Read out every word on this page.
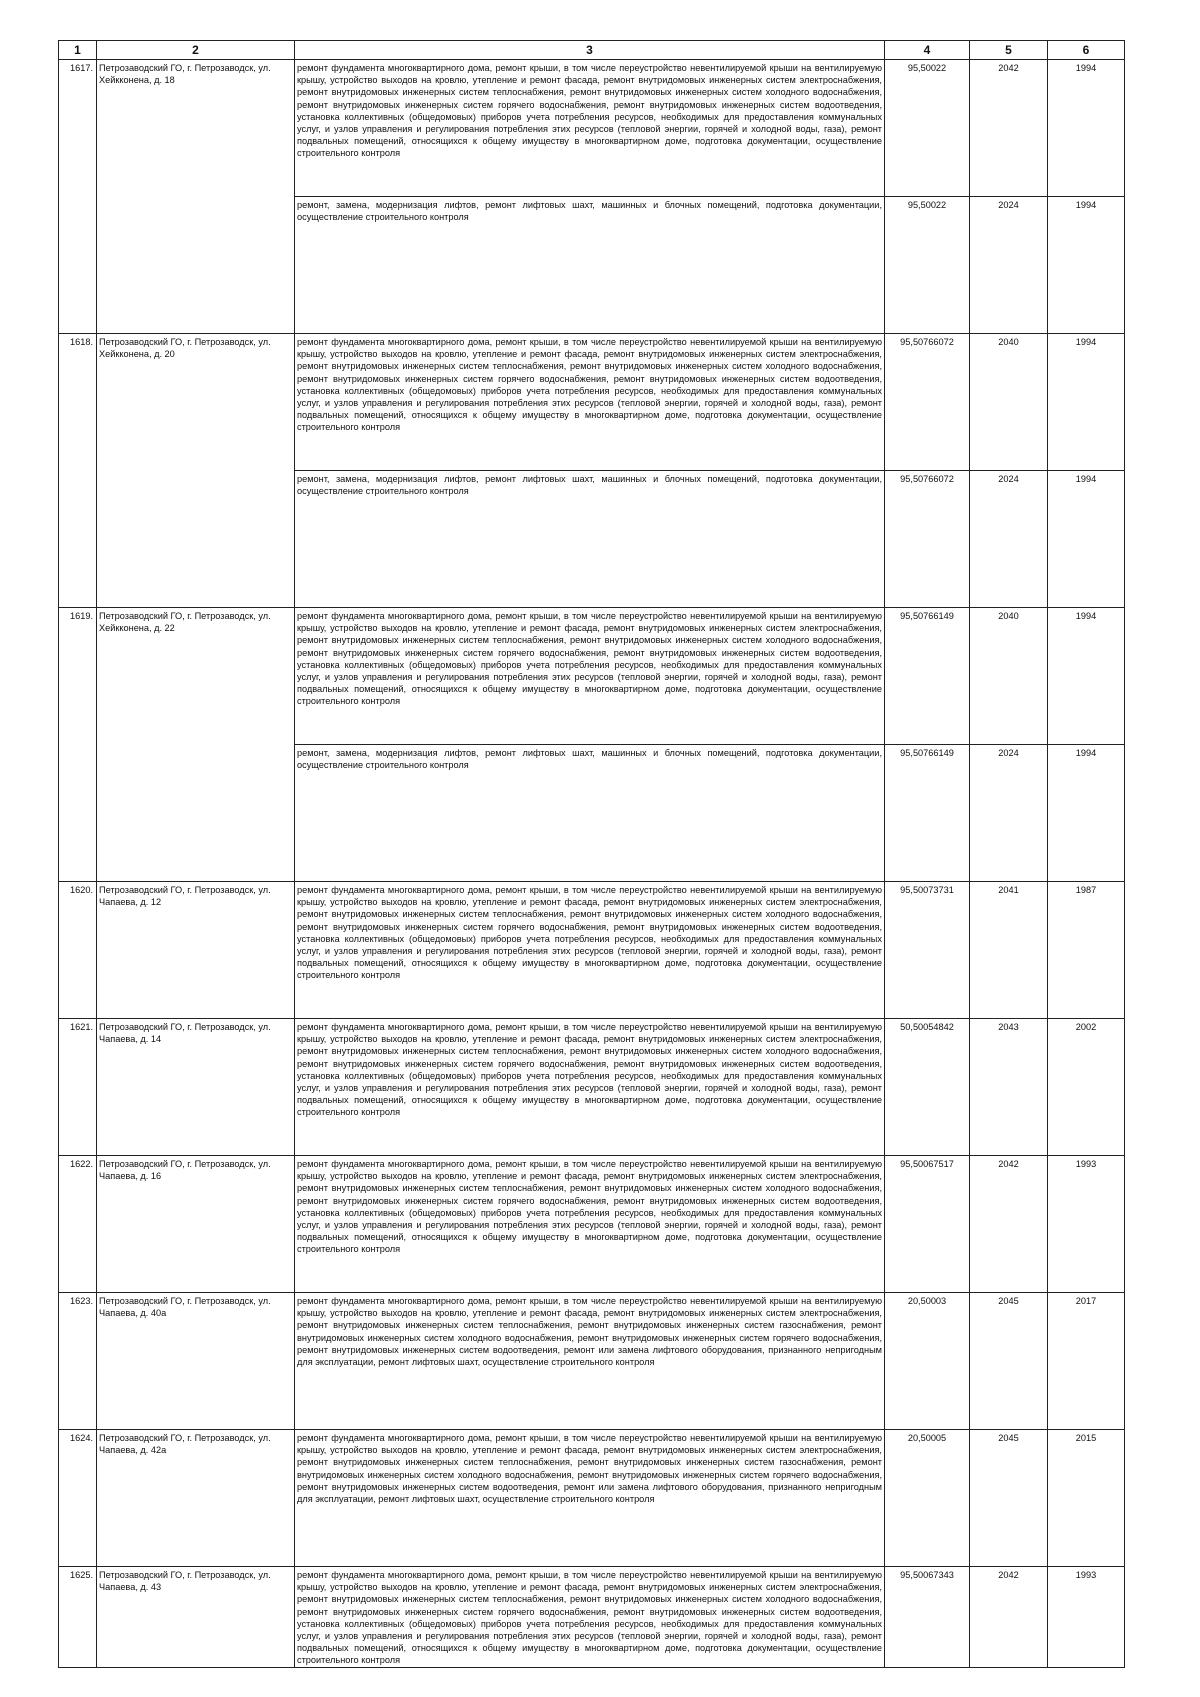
1	2	3	4	5	6
1617.	Петрозаводский ГО, г. Петрозаводск, ул. Хейкконена, д. 18	ремонт фундамента многоквартирного дома, ремонт крыши, в том числе переустройство невентилируемой крыши на вентилируемую крышу, устройство выходов на кровлю, утепление и ремонт фасада, ремонт внутридомовых инженерных систем электроснабжения, ремонт внутридомовых инженерных систем теплоснабжения, ремонт внутридомовых инженерных систем холодного водоснабжения, ремонт внутридомовых инженерных систем горячего водоснабжения, ремонт внутридомовых инженерных систем водоотведения, установка коллективных (общедомовых) приборов учета потребления ресурсов, необходимых для предоставления коммунальных услуг, и узлов управления и регулирования потребления этих ресурсов (тепловой энергии, горячей и холодной воды, газа), ремонт подвальных помещений, относящихся к общему имуществу в многоквартирном доме, подготовка документации, осуществление строительного контроля	95,50022	2042	1994
		ремонт, замена, модернизация лифтов, ремонт лифтовых шахт, машинных и блочных помещений, подготовка документации, осуществление строительного контроля	95,50022	2024	1994
1618.	Петрозаводский ГО, г. Петрозаводск, ул. Хейкконена, д. 20	ремонт фундамента многоквартирного дома, ремонт крыши, в том числе переустройство невентилируемой крыши на вентилируемую крышу, устройство выходов на кровлю, утепление и ремонт фасада, ремонт внутридомовых инженерных систем электроснабжения, ремонт внутридомовых инженерных систем теплоснабжения, ремонт внутридомовых инженерных систем холодного водоснабжения, ремонт внутридомовых инженерных систем горячего водоснабжения, ремонт внутридомовых инженерных систем водоотведения, установка коллективных (общедомовых) приборов учета потребления ресурсов, необходимых для предоставления коммунальных услуг, и узлов управления и регулирования потребления этих ресурсов (тепловой энергии, горячей и холодной воды, газа), ремонт подвальных помещений, относящихся к общему имуществу в многоквартирном доме, подготовка документации, осуществление строительного контроля	95,50766072	2040	1994
		ремонт, замена, модернизация лифтов, ремонт лифтовых шахт, машинных и блочных помещений, подготовка документации, осуществление строительного контроля	95,50766072	2024	1994
1619.	Петрозаводский ГО, г. Петрозаводск, ул. Хейкконена, д. 22	ремонт фундамента многоквартирного дома, ремонт крыши, в том числе переустройство невентилируемой крыши на вентилируемую крышу, устройство выходов на кровлю, утепление и ремонт фасада, ремонт внутридомовых инженерных систем электроснабжения, ремонт внутридомовых инженерных систем теплоснабжения, ремонт внутридомовых инженерных систем холодного водоснабжения, ремонт внутридомовых инженерных систем горячего водоснабжения, ремонт внутридомовых инженерных систем водоотведения, установка коллективных (общедомовых) приборов учета потребления ресурсов, необходимых для предоставления коммунальных услуг, и узлов управления и регулирования потребления этих ресурсов (тепловой энергии, горячей и холодной воды, газа), ремонт подвальных помещений, относящихся к общему имуществу в многоквартирном доме, подготовка документации, осуществление строительного контроля	95,50766149	2040	1994
		ремонт, замена, модернизация лифтов, ремонт лифтовых шахт, машинных и блочных помещений, подготовка документации, осуществление строительного контроля	95,50766149	2024	1994
1620.	Петрозаводский ГО, г. Петрозаводск, ул. Чапаева, д. 12	ремонт фундамента многоквартирного дома, ремонт крыши, в том числе переустройство невентилируемой крыши на вентилируемую крышу, устройство выходов на кровлю, утепление и ремонт фасада, ремонт внутридомовых инженерных систем электроснабжения, ремонт внутридомовых инженерных систем теплоснабжения, ремонт внутридомовых инженерных систем холодного водоснабжения, ремонт внутридомовых инженерных систем горячего водоснабжения, ремонт внутридомовых инженерных систем водоотведения, установка коллективных (общедомовых) приборов учета потребления ресурсов, необходимых для предоставления коммунальных услуг, и узлов управления и регулирования потребления этих ресурсов (тепловой энергии, горячей и холодной воды, газа), ремонт подвальных помещений, относящихся к общему имуществу в многоквартирном доме, подготовка документации, осуществление строительного контроля	95,50073731	2041	1987
1621.	Петрозаводский ГО, г. Петрозаводск, ул. Чапаева, д. 14	ремонт фундамента многоквартирного дома, ремонт крыши, в том числе переустройство невентилируемой крыши на вентилируемую крышу, устройство выходов на кровлю, утепление и ремонт фасада, ремонт внутридомовых инженерных систем электроснабжения, ремонт внутридомовых инженерных систем теплоснабжения, ремонт внутридомовых инженерных систем холодного водоснабжения, ремонт внутридомовых инженерных систем горячего водоснабжения, ремонт внутридомовых инженерных систем водоотведения, установка коллективных (общедомовых) приборов учета потребления ресурсов, необходимых для предоставления коммунальных услуг, и узлов управления и регулирования потребления этих ресурсов (тепловой энергии, горячей и холодной воды, газа), ремонт подвальных помещений, относящихся к общему имуществу в многоквартирном доме, подготовка документации, осуществление строительного контроля	50,50054842	2043	2002
1622.	Петрозаводский ГО, г. Петрозаводск, ул. Чапаева, д. 16	ремонт фундамента многоквартирного дома, ремонт крыши, в том числе переустройство невентилируемой крыши на вентилируемую крышу, устройство выходов на кровлю, утепление и ремонт фасада, ремонт внутридомовых инженерных систем электроснабжения, ремонт внутридомовых инженерных систем теплоснабжения, ремонт внутридомовых инженерных систем холодного водоснабжения, ремонт внутридомовых инженерных систем горячего водоснабжения, ремонт внутридомовых инженерных систем водоотведения, установка коллективных (общедомовых) приборов учета потребления ресурсов, необходимых для предоставления коммунальных услуг, и узлов управления и регулирования потребления этих ресурсов (тепловой энергии, горячей и холодной воды, газа), ремонт подвальных помещений, относящихся к общему имуществу в многоквартирном доме, подготовка документации, осуществление строительного контроля	95,50067517	2042	1993
1623.	Петрозаводский ГО, г. Петрозаводск, ул. Чапаева, д. 40а	ремонт фундамента многоквартирного дома, ремонт крыши, в том числе переустройство невентилируемой крыши на вентилируемую крышу, устройство выходов на кровлю, утепление и ремонт фасада, ремонт внутридомовых инженерных систем электроснабжения, ремонт внутридомовых инженерных систем теплоснабжения, ремонт внутридомовых инженерных систем газоснабжения, ремонт внутридомовых инженерных систем холодного водоснабжения, ремонт внутридомовых инженерных систем горячего водоснабжения, ремонт внутридомовых инженерных систем водоотведения, ремонт или замена лифтового оборудования, признанного непригодным для эксплуатации, ремонт лифтовых шахт, осуществление строительного контроля	20,50003	2045	2017
1624.	Петрозаводский ГО, г. Петрозаводск, ул. Чапаева, д. 42а	ремонт фундамента многоквартирного дома, ремонт крыши, в том числе переустройство невентилируемой крыши на вентилируемую крышу, устройство выходов на кровлю, утепление и ремонт фасада, ремонт внутридомовых инженерных систем электроснабжения, ремонт внутридомовых инженерных систем теплоснабжения, ремонт внутридомовых инженерных систем газоснабжения, ремонт внутридомовых инженерных систем холодного водоснабжения, ремонт внутридомовых инженерных систем горячего водоснабжения, ремонт внутридомовых инженерных систем водоотведения, ремонт или замена лифтового оборудования, признанного непригодным для эксплуатации, ремонт лифтовых шахт, осуществление строительного контроля	20,50005	2045	2015
1625.	Петрозаводский ГО, г. Петрозаводск, ул. Чапаева, д. 43	ремонт фундамента многоквартирного дома, ремонт крыши, в том числе переустройство невентилируемой крыши на вентилируемую крышу, устройство выходов на кровлю, утепление и ремонт фасада, ремонт внутридомовых инженерных систем электроснабжения, ремонт внутридомовых инженерных систем теплоснабжения, ремонт внутридомовых инженерных систем холодного водоснабжения, ремонт внутридомовых инженерных систем горячего водоснабжения, ремонт внутридомовых инженерных систем водоотведения, установка коллективных (общедомовых) приборов учета потребления ресурсов, необходимых для предоставления коммунальных услуг, и узлов управления и регулирования потребления этих ресурсов (тепловой энергии, горячей и холодной воды, газа), ремонт подвальных помещений, относящихся к общему имуществу в многоквартирном доме, подготовка документации, осуществление строительного контроля	95,50067343	2042	1993
